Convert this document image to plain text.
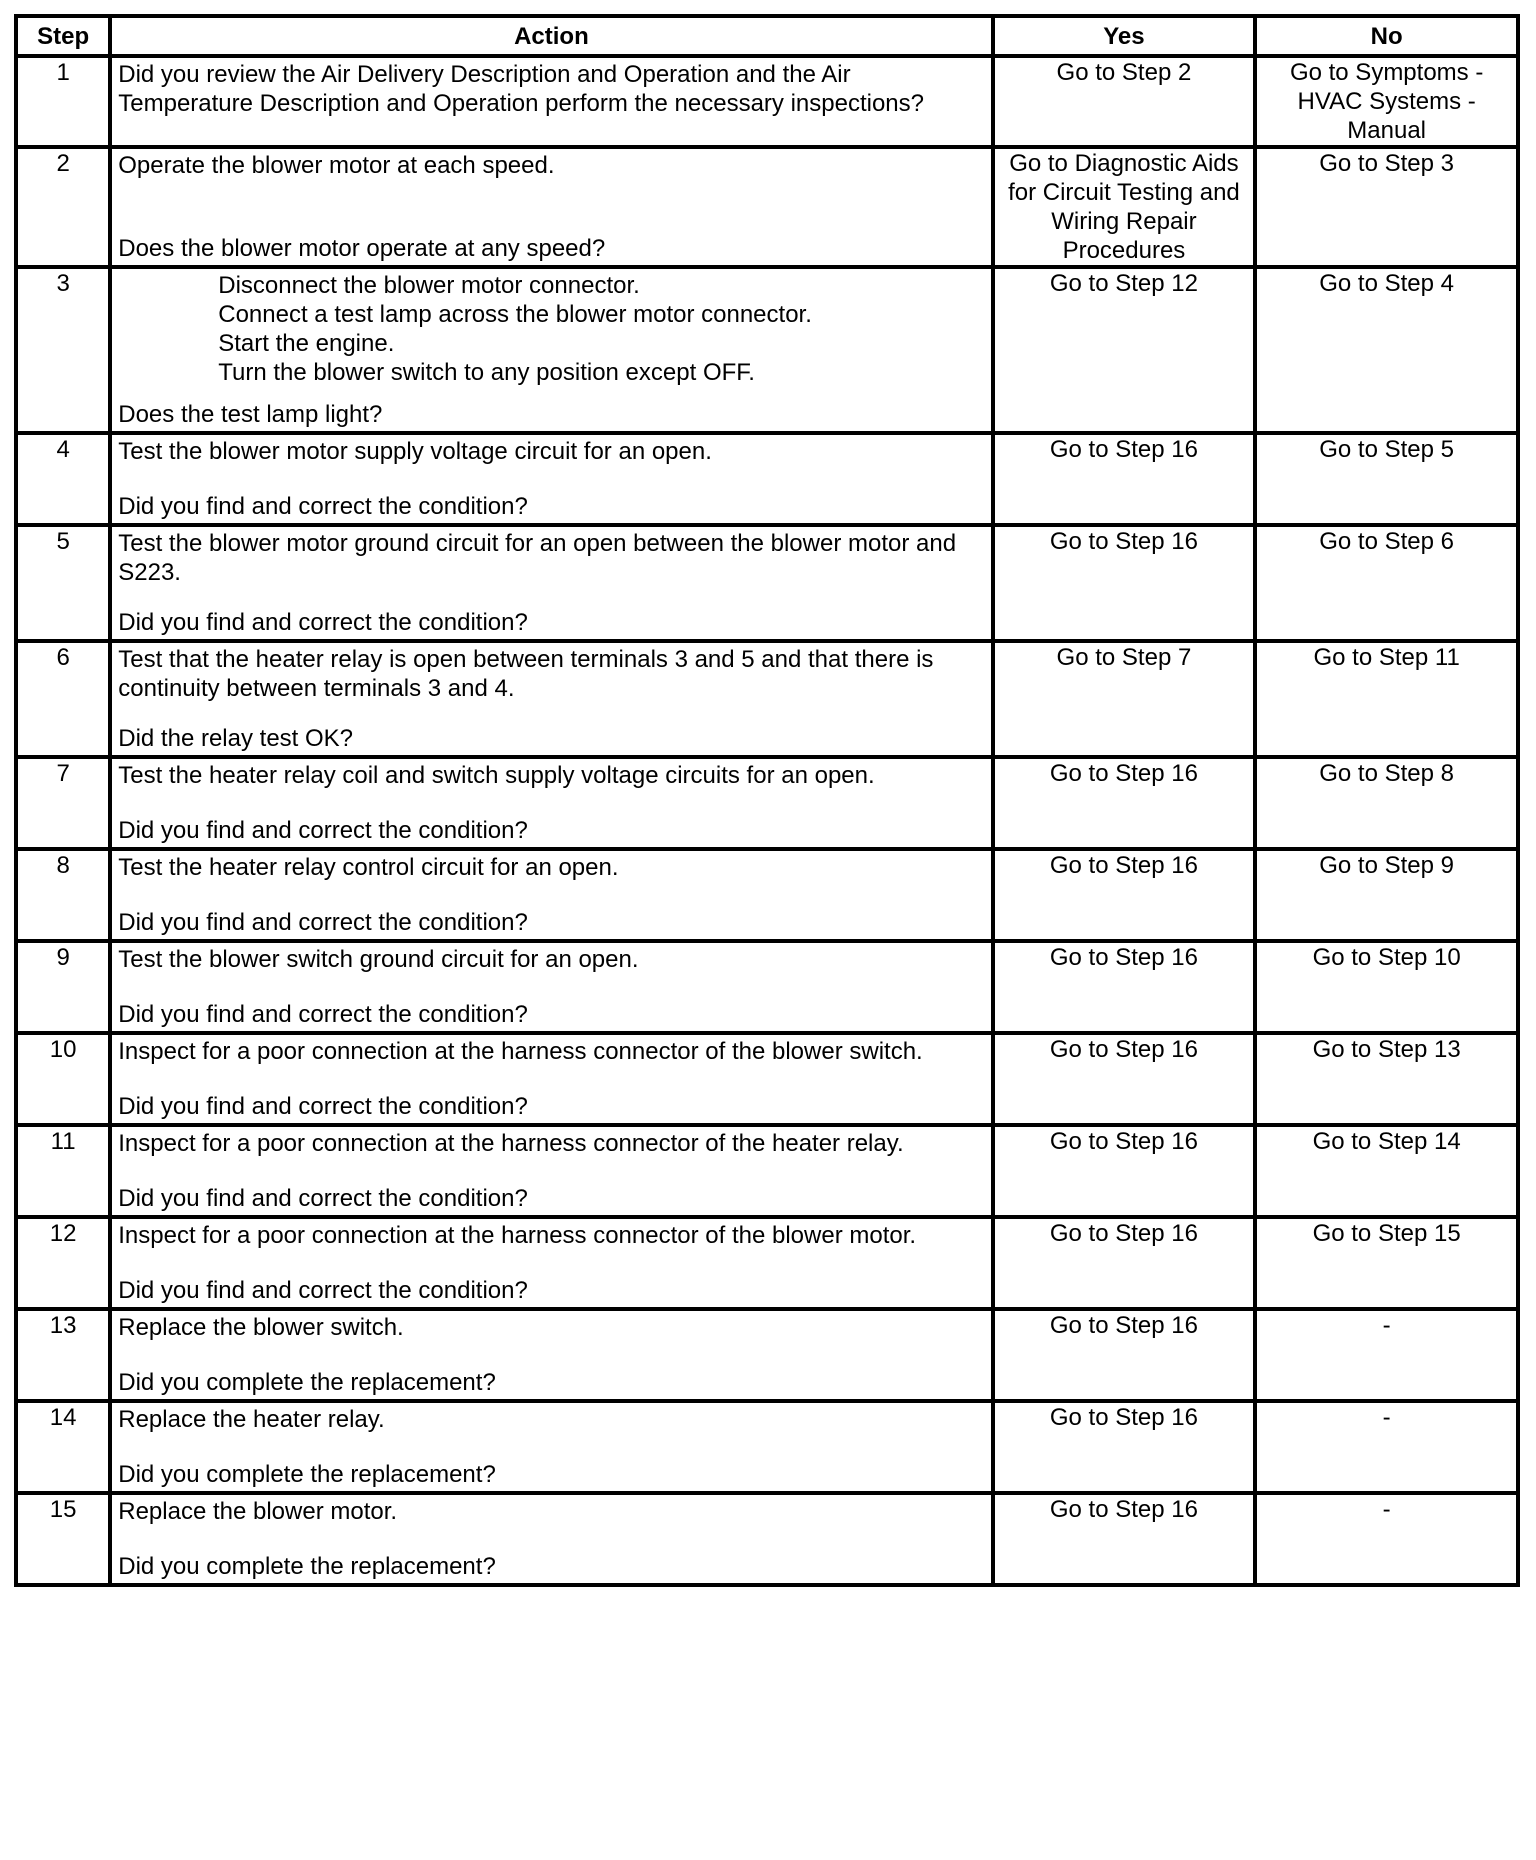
Step	Action	Yes	No
1	Did you review the Air Delivery Description and Operation and the Air Temperature Description and Operation perform the necessary inspections?	Go to Step 2	Go to Symptoms - HVAC Systems - Manual
2	Operate the blower motor at each speed.
Does the blower motor operate at any speed?	Go to Diagnostic Aids for Circuit Testing and Wiring Repair Procedures	Go to Step 3
3	Disconnect the blower motor connector.
Connect a test lamp across the blower motor connector.
Start the engine.
Turn the blower switch to any position except OFF.
Does the test lamp light?	Go to Step 12	Go to Step 4
4	Test the blower motor supply voltage circuit for an open.
Did you find and correct the condition?	Go to Step 16	Go to Step 5
5	Test the blower motor ground circuit for an open between the blower motor and S223.
Did you find and correct the condition?	Go to Step 16	Go to Step 6
6	Test that the heater relay is open between terminals 3 and 5 and that there is continuity between terminals 3 and 4.
Did the relay test OK?	Go to Step 7	Go to Step 11
7	Test the heater relay coil and switch supply voltage circuits for an open.
Did you find and correct the condition?	Go to Step 16	Go to Step 8
8	Test the heater relay control circuit for an open.
Did you find and correct the condition?	Go to Step 16	Go to Step 9
9	Test the blower switch ground circuit for an open.
Did you find and correct the condition?	Go to Step 16	Go to Step 10
10	Inspect for a poor connection at the harness connector of the blower switch.
Did you find and correct the condition?	Go to Step 16	Go to Step 13
11	Inspect for a poor connection at the harness connector of the heater relay.
Did you find and correct the condition?	Go to Step 16	Go to Step 14
12	Inspect for a poor connection at the harness connector of the blower motor.
Did you find and correct the condition?	Go to Step 16	Go to Step 15
13	Replace the blower switch.
Did you complete the replacement?	Go to Step 16	-
14	Replace the heater relay.
Did you complete the replacement?	Go to Step 16	-
15	Replace the blower motor.
Did you complete the replacement?	Go to Step 16	-
